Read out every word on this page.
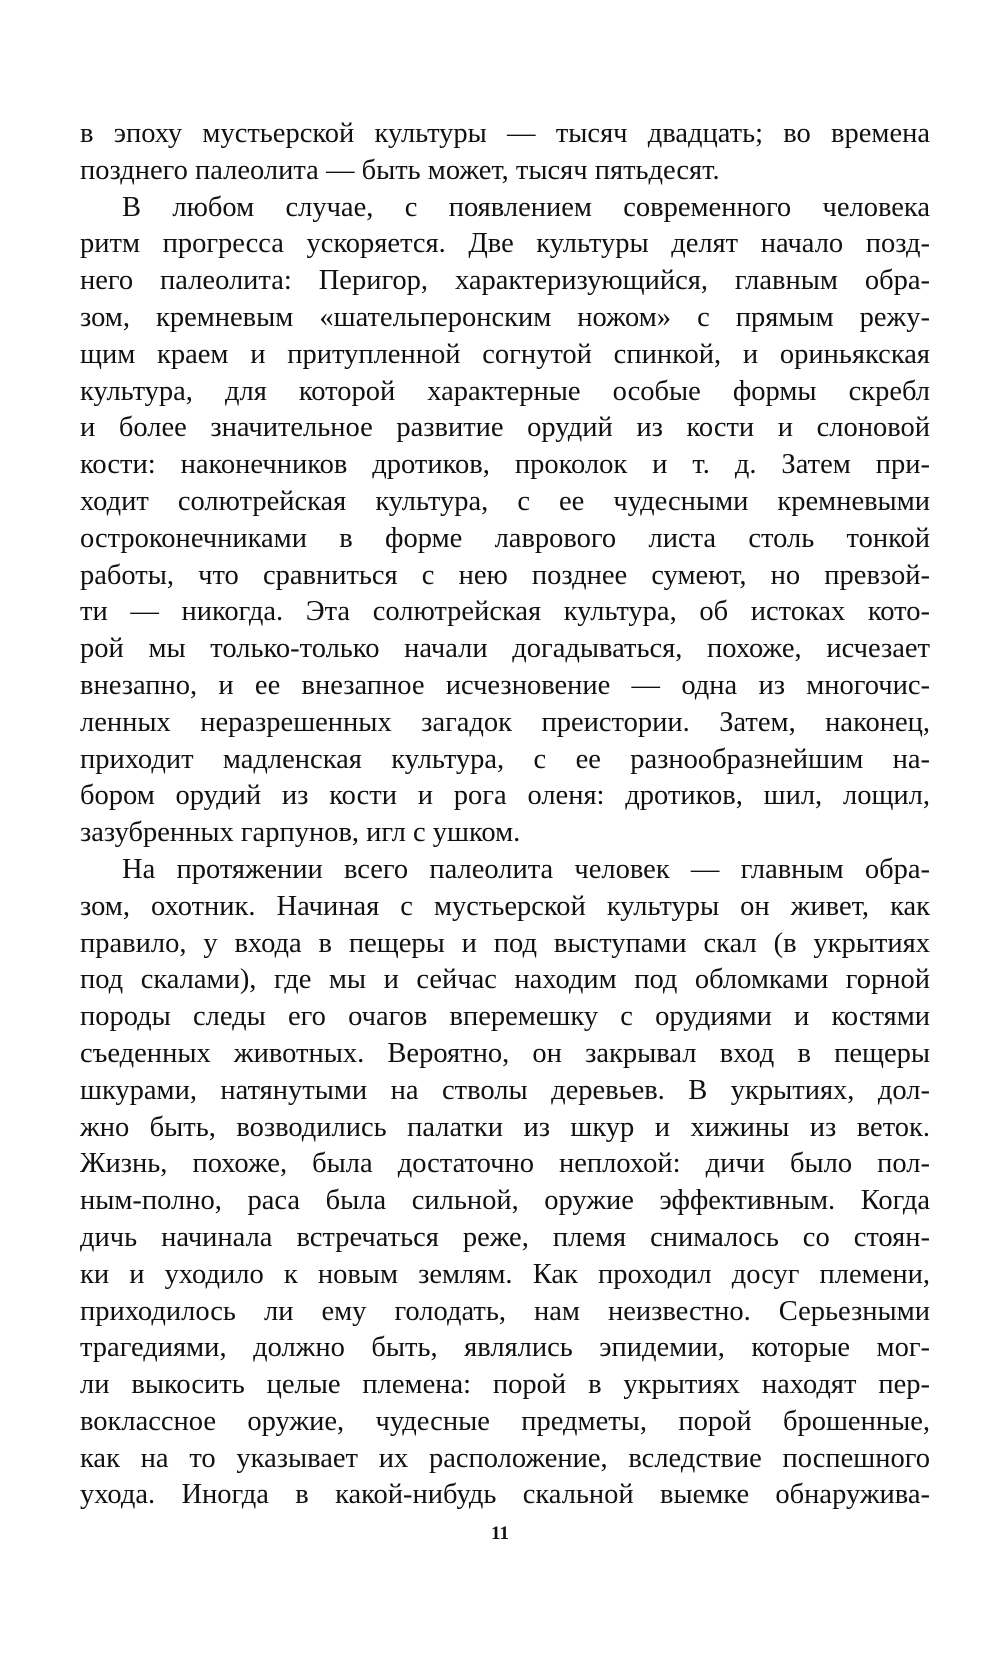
в эпоху мустьерской культуры — тысяч двадцать; во времена
позднего палеолита — быть может, тысяч пятьдесят.
В любом случае, с появлением современного человека
ритм прогресса ускоряется. Две культуры делят начало позд-
него палеолита: Перигор, характеризующийся, главным обра-
зом, кремневым «шательперонским ножом» с прямым режу-
щим краем и притупленной согнутой спинкой, и ориньякская
культура, для которой характерные особые формы скребл
и более значительное развитие орудий из кости и слоновой
кости: наконечников дротиков, проколок и т. д. Затем при-
ходит солютрейская культура, с ее чудесными кремневыми
остроконечниками в форме лаврового листа столь тонкой
работы, что сравниться с нею позднее сумеют, но превзой-
ти — никогда. Эта солютрейская культура, об истоках кото-
рой мы только-только начали догадываться, похоже, исчезает
внезапно, и ее внезапное исчезновение — одна из многочис-
ленных неразрешенных загадок преистории. Затем, наконец,
приходит мадленская культура, с ее разнообразнейшим на-
бором орудий из кости и рога оленя: дротиков, шил, лощил,
зазубренных гарпунов, игл с ушком.
На протяжении всего палеолита человек — главным обра-
зом, охотник. Начиная с мустьерской культуры он живет, как
правило, у входа в пещеры и под выступами скал (в укрытиях
под скалами), где мы и сейчас находим под обломками горной
породы следы его очагов вперемешку с орудиями и костями
съеденных животных. Вероятно, он закрывал вход в пещеры
шкурами, натянутыми на стволы деревьев. В укрытиях, дол-
жно быть, возводились палатки из шкур и хижины из веток.
Жизнь, похоже, была достаточно неплохой: дичи было пол-
ным-полно, раса была сильной, оружие эффективным. Когда
дичь начинала встречаться реже, племя снималось со стоян-
ки и уходило к новым землям. Как проходил досуг племени,
приходилось ли ему голодать, нам неизвестно. Серьезными
трагедиями, должно быть, являлись эпидемии, которые мог-
ли выкосить целые племена: порой в укрытиях находят пер-
воклассное оружие, чудесные предметы, порой брошенные,
как на то указывает их расположение, вследствие поспешного
ухода. Иногда в какой-нибудь скальной выемке обнаружива-
11
